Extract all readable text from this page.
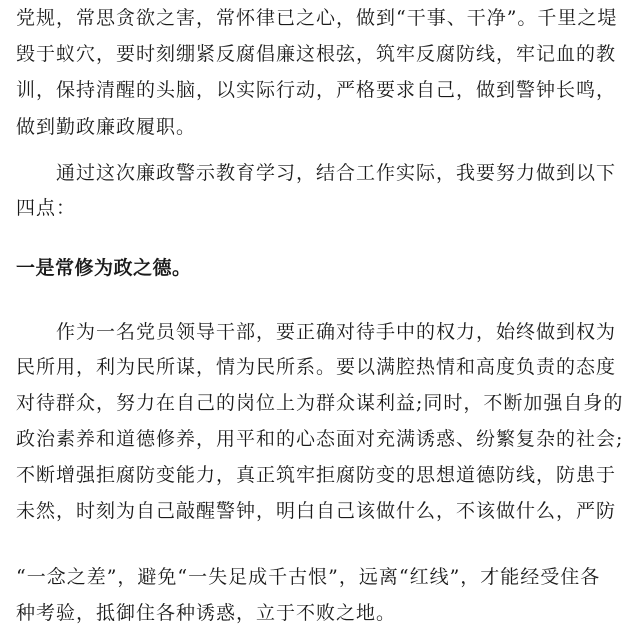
党规，常思贪欲之害，常怀律已之心，做到“干事、干净”。千里之堤
毁于蚁穴，要时刻绷紧反腐倡廉这根弦，筑牢反腐防线，牢记血的教
训，保持清醒的头脑，以实际行动，严格要求自己，做到警钟长鸣，
做到勤政廉政履职。
通过这次廉政警示教育学习，结合工作实际，我要努力做到以下
四点：
一是常修为政之德。
作为一名党员领导干部，要正确对待手中的权力，始终做到权为
民所用，利为民所谋，情为民所系。要以满腔热情和高度负责的态度
对待群众，努力在自己的岗位上为群众谋利益;同时，不断加强自身的
政治素养和道德修养，用平和的心态面对充满诱惑、纷繁复杂的社会;
不断增强拒腐防变能力，真正筑牢拒腐防变的思想道德防线，防患于
未然，时刻为自己敲醒警钟，明白自己该做什么，不该做什么，严防
“一念之差”，避免“一失足成千古恨”，远离“红线”，才能经受住各
种考验，抵御住各种诱惑，立于不败之地。
